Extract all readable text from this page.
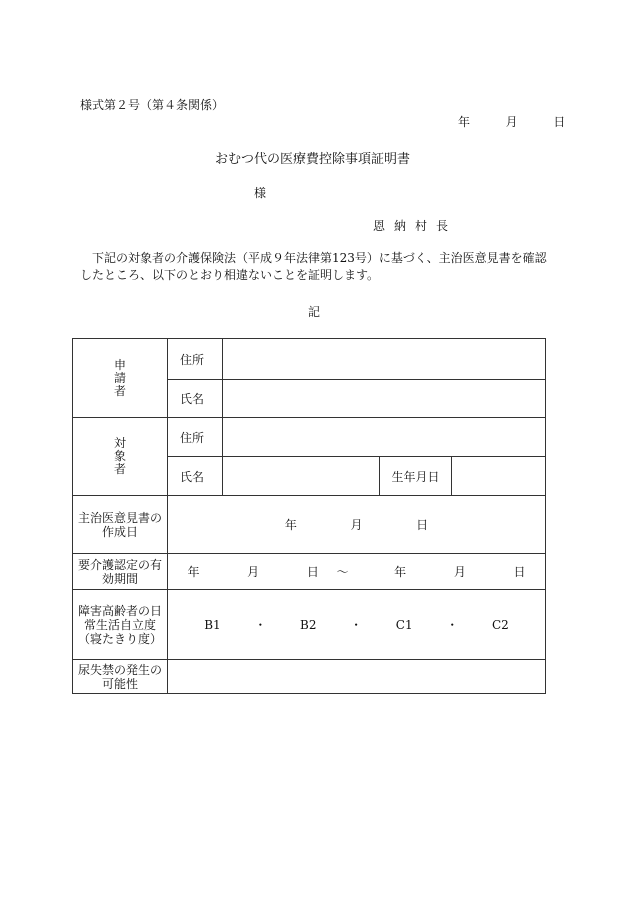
様式第２号（第４条関係）
年	月	日
おむつ代の医療費控除事項証明書
様
恩納村長
下記の対象者の介護保険法（平成９年法律第123号）に基づく、主治医意見書を確認したところ、以下のとおり相違ないことを証明します。
記
申請者	住所			
	氏名			
対象者	住所			
	氏名		生年月日	
主治医意見書の作成日	年 月 日			
要介護認定の有効期間	年 月 日 〜 年 月 日			
障害高齢者の日常生活自立度（寝たきり度）	B1 ・ B2 ・ C1 ・ C2			
尿失禁の発生の可能性				
